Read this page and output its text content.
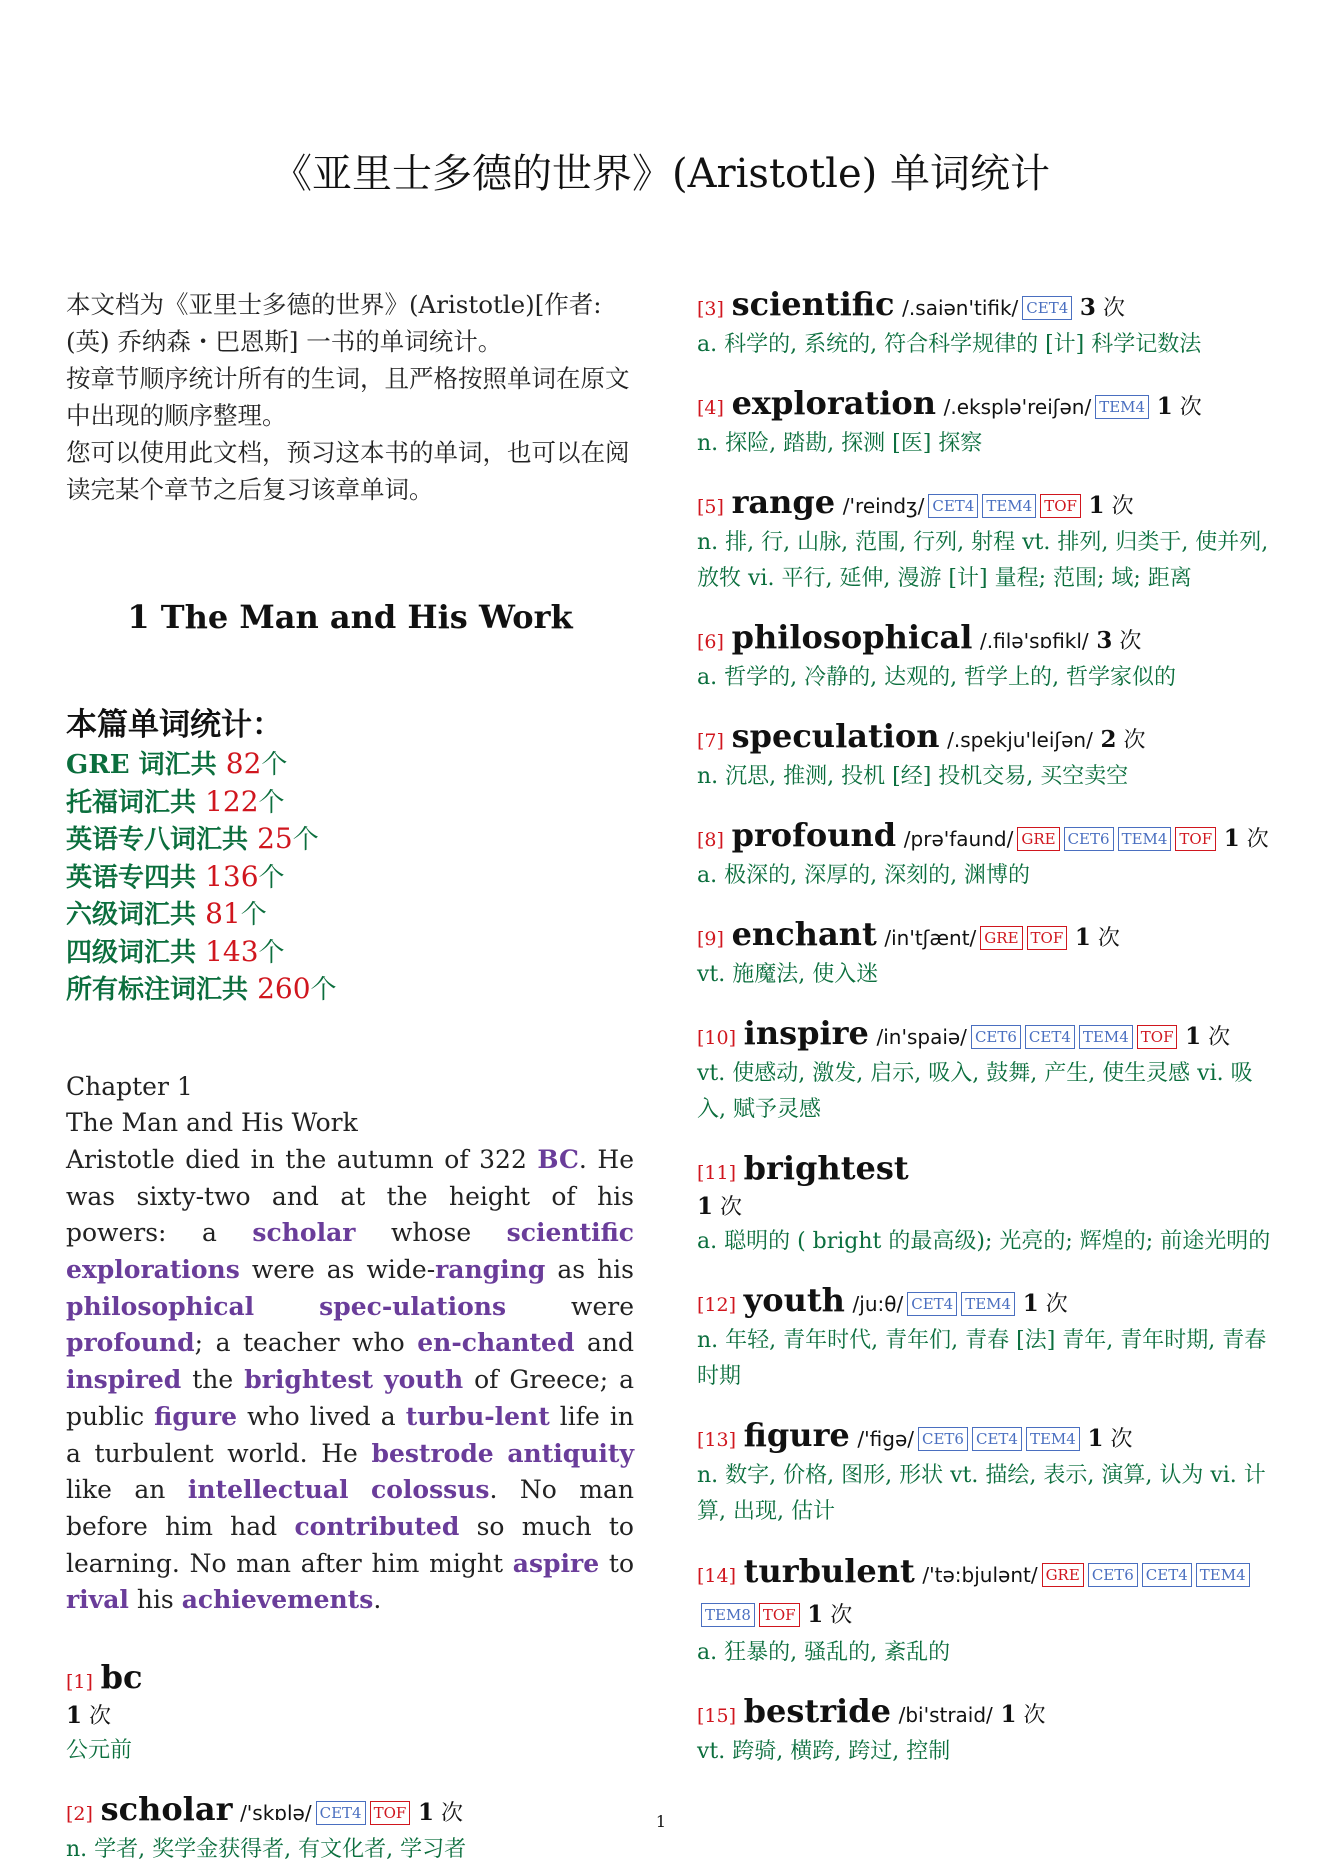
《亚里士多德的世界》(Aristotle) 单词统计

本文档为《亚里士多德的世界》(Aristotle)[作者: (英) 乔纳森・巴恩斯] 一书的单词统计。

按章节顺序统计所有的生词，且严格按照单词在原文中出现的顺序整理。

您可以使用此文档，预习这本书的单词，也可以在阅读完某个章节之后复习该章单词。

1 The Man and His Work
本篇单词统计：
GRE 词汇共 82个
托福词汇共 122个
英语专八词汇共 25个
英语专四共 136个
六级词汇共 81个
四级词汇共 143个
所有标注词汇共 260个
Chapter 1
The Man and His Work
Aristotle died in the autumn of 322 BC. He was sixty-two and at the height of his powers: a scholar whose scientific explorations were as wide-ranging as his philosophical	spec-ulations were profound; a teacher who en-chanted and inspired the brightest youth of Greece; a public figure who lived a turbu-lent life in a turbulent world. He bestrode antiquity like an intellectual colossus. No man before him had contributed so much to learning. No man after him might aspire to rival his achievements.
[1] bc
1 次
公元前
[2] scholar /'skɒlə/ CET4 TOF 1 次
n. 学者, 奖学金获得者, 有文化者, 学习者
[3] scientific /.saiən'tifik/ CET4 3 次
a. 科学的, 系统的, 符合科学规律的 [计] 科学记数法
[4] exploration /.eksplə'reiʃən/ TEM4 1 次
n. 探险, 踏勘, 探测 [医] 探察
[5] range /'reindʒ/ CET4 TEM4 TOF 1 次
n. 排, 行, 山脉, 范围, 行列, 射程 vt. 排列, 归类于, 使并列, 放牧 vi. 平行, 延伸, 漫游 [计] 量程; 范围; 域; 距离
[6] philosophical /.filə'sɒfikl/ 3 次
a. 哲学的, 冷静的, 达观的, 哲学上的, 哲学家似的
[7] speculation /.spekju'leiʃən/ 2 次
n. 沉思, 推测, 投机 [经] 投机交易, 买空卖空
[8] profound /prə'faund/ GRE CET6 TEM4 TOF 1 次
a. 极深的, 深厚的, 深刻的, 渊博的
[9] enchant /in'tʃænt/ GRE TOF 1 次
vt. 施魔法, 使入迷
[10] inspire /in'spaiə/ CET6 CET4 TEM4 TOF 1 次
vt. 使感动, 激发, 启示, 吸入, 鼓舞, 产生, 使生灵感 vi. 吸入, 赋予灵感
[11] brightest
1 次
a. 聪明的 ( bright 的最高级); 光亮的; 辉煌的; 前途光明的
[12] youth /ju:θ/ CET4 TEM4 1 次
n. 年轻, 青年时代, 青年们, 青春 [法] 青年, 青年时期, 青春时期
[13] figure /'figə/ CET6 CET4 TEM4 1 次
n. 数字, 价格, 图形, 形状 vt. 描绘, 表示, 演算, 认为 vi. 计算, 出现, 估计
[14] turbulent /'tə:bjulənt/ GRE CET6 CET4 TEM4TEM8 TOF 1 次
a. 狂暴的, 骚乱的, 紊乱的
[15] bestride /bi'straid/ 1 次
vt. 跨骑, 横跨, 跨过, 控制
1
